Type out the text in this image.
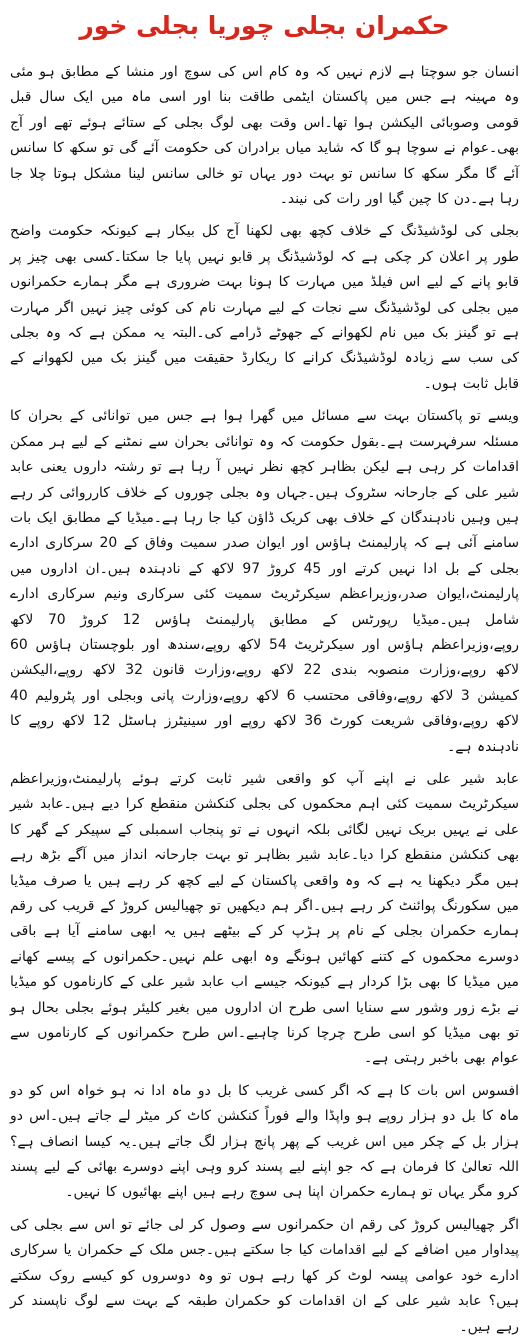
حکمران بجلی چوریا بجلی خور

انسان جو سوچتا ہے لازم نہیں کہ وہ کام اس کی سوچ اور منشا کے مطابق ہو مئی وہ مہینہ ہے جس میں پاکستان ایٹمی طاقت بنا اور اسی ماہ میں ایک سال قبل قومی وصوبائی الیکشن ہوا تھا۔اس وقت بھی لوگ بجلی کے ستائے ہوئے تھے اور آج بھی۔عوام نے سوچا ہو گا کہ شاید میاں برادران کی حکومت آئے گی تو سکھ کا سانس آئے گا مگر سکھ کا سانس تو بہت دور یہاں تو خالی سانس لینا مشکل ہوتا چلا جا رہا ہے۔دن کا چین گیا اور رات کی نیند۔

بجلی کی لوڈشیڈنگ کے خلاف کچھ بھی لکھنا آج کل بیکار ہے کیونکہ حکومت واضح طور پر اعلان کر چکی ہے کہ لوڈشیڈنگ پر قابو نہیں پایا جا سکتا۔کسی بھی چیز پر قابو پانے کے لیے اس فیلڈ میں مہارت کا ہونا بہت ضروری ہے مگر ہمارے حکمرانوں میں بجلی کی لوڈشیڈنگ سے نجات کے لیے مہارت نام کی کوئی چیز نہیں اگر مہارت ہے تو گینز بک میں نام لکھوانے کے جھوٹے ڈرامے کی۔البتہ یہ ممکن ہے کہ وہ بجلی کی سب سے زیادہ لوڈشیڈنگ کرانے کا ریکارڈ حقیقت میں گینز بک میں لکھوانے کے قابل ثابت ہوں۔

ویسے تو پاکستان بہت سے مسائل میں گھرا ہوا ہے جس میں توانائی کے بحران کا مسئلہ سرفہرست ہے۔بقول حکومت کہ وہ توانائی بحران سے نمٹنے کے لیے ہر ممکن اقدامات کر رہی ہے لیکن بظاہر کچھ نظر نہیں آ رہا ہے تو رشتہ داروں یعنی عابد شیر علی کے جارحانہ سٹروک ہیں۔جہاں وہ بجلی چوروں کے خلاف کارروائی کر رہے ہیں وہیں نادہندگان کے خلاف بھی کریک ڈاؤن کیا جا رہا ہے۔میڈیا کے مطابق ایک بات سامنے آئی ہے کہ پارلیمنٹ ہاؤس اور ایوان صدر سمیت وفاق کے 20 سرکاری ادارے بجلی کے بل ادا نہیں کرتے اور 45 کروڑ 97 لاکھ کے نادہندہ ہیں۔ان اداروں میں پارلیمنٹ،ایوان صدر،وزیراعظم سیکرٹریٹ سمیت کئی سرکاری ونیم سرکاری ادارے شامل ہیں۔میڈیا رپورٹس کے مطابق پارلیمنٹ ہاؤس 12 کروڑ 70 لاکھ روپے،وزیراعظم ہاؤس اور سیکرٹریٹ 54 لاکھ روپے،سندھ اور بلوچستان ہاؤس 60 لاکھ روپے،وزارت منصوبہ بندی 22 لاکھ روپے،وزارت قانون 32 لاکھ روپے،الیکشن کمیشن 3 لاکھ روپے،وفاقی محتسب 6 لاکھ روپے،وزارت پانی وبجلی اور پٹرولیم 40 لاکھ روپے،وفاقی شریعت کورٹ 36 لاکھ روپے اور سینیٹرز ہاسٹل 12 لاکھ روپے کا نادہندہ ہے۔

عابد شیر علی نے اپنے آپ کو واقعی شیر ثابت کرتے ہوئے پارلیمنٹ،وزیراعظم سیکرٹریٹ سمیت کئی اہم محکموں کی بجلی کنکشن منقطع کرا دیے ہیں۔عابد شیر علی نے یہیں بریک نہیں لگائی بلکہ انہوں نے تو پنجاب اسمبلی کے سپیکر کے گھر کا بھی کنکشن منقطع کرا دیا۔عابد شیر بظاہر تو بہت جارحانہ انداز میں آگے بڑھ رہے ہیں مگر دیکھنا یہ ہے کہ وہ واقعی پاکستان کے لیے کچھ کر رہے ہیں یا صرف میڈیا میں سکورنگ پوائنٹ کر رہے ہیں۔اگر ہم دیکھیں تو چھیالیس کروڑ کے قریب کی رقم ہمارے حکمران بجلی کے نام پر ہڑپ کر کے بیٹھے ہیں یہ ابھی سامنے آیا ہے باقی دوسرے محکموں کے کتنے کھائیں ہونگے وہ ابھی علم نہیں۔حکمرانوں کے پیسے کھانے میں میڈیا کا بھی بڑا کردار ہے کیونکہ جیسے اب عابد شیر علی کے کارناموں کو میڈیا نے بڑے زور وشور سے سنایا اسی طرح ان اداروں میں بغیر کلیئر ہوئے بجلی بحال ہو تو بھی میڈیا کو اسی طرح چرچا کرنا چاہیے۔اس طرح حکمرانوں کے کارناموں سے عوام بھی باخبر رہتی ہے۔

افسوس اس بات کا ہے کہ اگر کسی غریب کا بل دو ماہ ادا نہ ہو خواہ اس کو دو ماہ کا بل دو ہزار روپے ہو واپڈا والے فوراً کنکشن کاٹ کر میٹر لے جاتے ہیں۔اس دو ہزار بل کے چکر میں اس غریب کے پھر پانچ ہزار لگ جاتے ہیں۔یہ کیسا انصاف ہے؟اللہ تعالیٰ کا فرمان ہے کہ جو اپنے لیے پسند کرو وہی اپنے دوسرے بھائی کے لیے پسند کرو مگر یہاں تو ہمارے حکمران اپنا ہی سوچ رہے ہیں اپنے بھائیوں کا نہیں۔

اگر چھیالیس کروڑ کی رقم ان حکمرانوں سے وصول کر لی جائے تو اس سے بجلی کی پیداوار میں اضافے کے لیے اقدامات کیا جا سکتے ہیں۔جس ملک کے حکمران یا سرکاری ادارے خود عوامی پیسہ لوٹ کر کھا رہے ہوں تو وہ دوسروں کو کیسے روک سکتے ہیں؟ عابد شیر علی کے ان اقدامات کو حکمران طبقہ کے بہت سے لوگ ناپسند کر رہے ہیں۔
